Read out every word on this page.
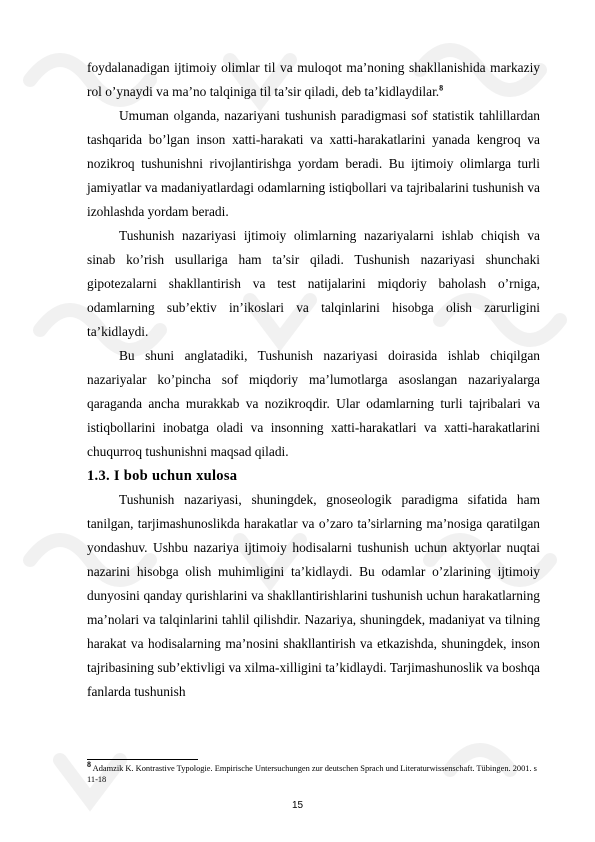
foydalanadigan ijtimoiy olimlar til va muloqot ma’noning shakllanishida markaziy rol o’ynaydi va ma’no talqiniga til ta’sir qiladi, deb ta’kidlaydilar.$^8$

Umuman olganda, nazariyani tushunish paradigmasi sof statistik tahlillardan tashqarida bo’lgan inson xatti-harakati va xatti-harakatlarini yanada kengroq va nozikroq tushunishni rivojlantirishga yordam beradi. Bu ijtimoiy olimlarga turli jamiyatlar va madaniyatlardagi odamlarning istiqbollari va tajribalarini tushunish va izohlashda yordam beradi.

Tushunish nazariyasi ijtimoiy olimlarning nazariyalarni ishlab chiqish va sinab ko’rish usullariga ham ta’sir qiladi. Tushunish nazariyasi shunchaki gipotezalarni shakllantirish va test natijalarini miqdoriy baholash o’rniga, odamlarning sub’ektiv in’ikoslari va talqinlarini hisobga olish zarurligini ta’kidlaydi.

Bu shuni anglatadiki, Tushunish nazariyasi doirasida ishlab chiqilgan nazariyalar ko’pincha sof miqdoriy ma’lumotlarga asoslangan nazariyalarga qaraganda ancha murakkab va nozikroqdir. Ular odamlarning turli tajribalari va istiqbollarini inobatga oladi va insonning xatti-harakatlari va xatti-harakatlarini chuqurroq tushunishni maqsad qiladi.

1.3. I bob uchun xulosa

Tushunish nazariyasi, shuningdek, gnoseologik paradigma sifatida ham tanilgan, tarjimashunoslikda harakatlar va o’zaro ta’sirlarning ma’nosiga qaratilgan yondashuv. Ushbu nazariya ijtimoiy hodisalarni tushunish uchun aktyorlar nuqtai nazarini hisobga olish muhimligini ta’kidlaydi. Bu odamlar o’zlarining ijtimoiy dunyosini qanday qurishlarini va shakllantirishlarini tushunish uchun harakatlarning ma’nolari va talqinlarini tahlil qilishdir. Nazariya, shuningdek, madaniyat va tilning harakat va hodisalarning ma’nosini shakllantirish va etkazishda, shuningdek, inson tajribasining sub’ektivligi va xilma-xilligini ta’kidlaydi. Tarjimashunoslik va boshqa fanlarda tushunish

$^8$ Adamzik K. Kontrastive Typologie. Empirische Untersuchungen zur deutschen Sprach und Literaturwissenschaft. Tübingen. 2001. s 11-18
15
